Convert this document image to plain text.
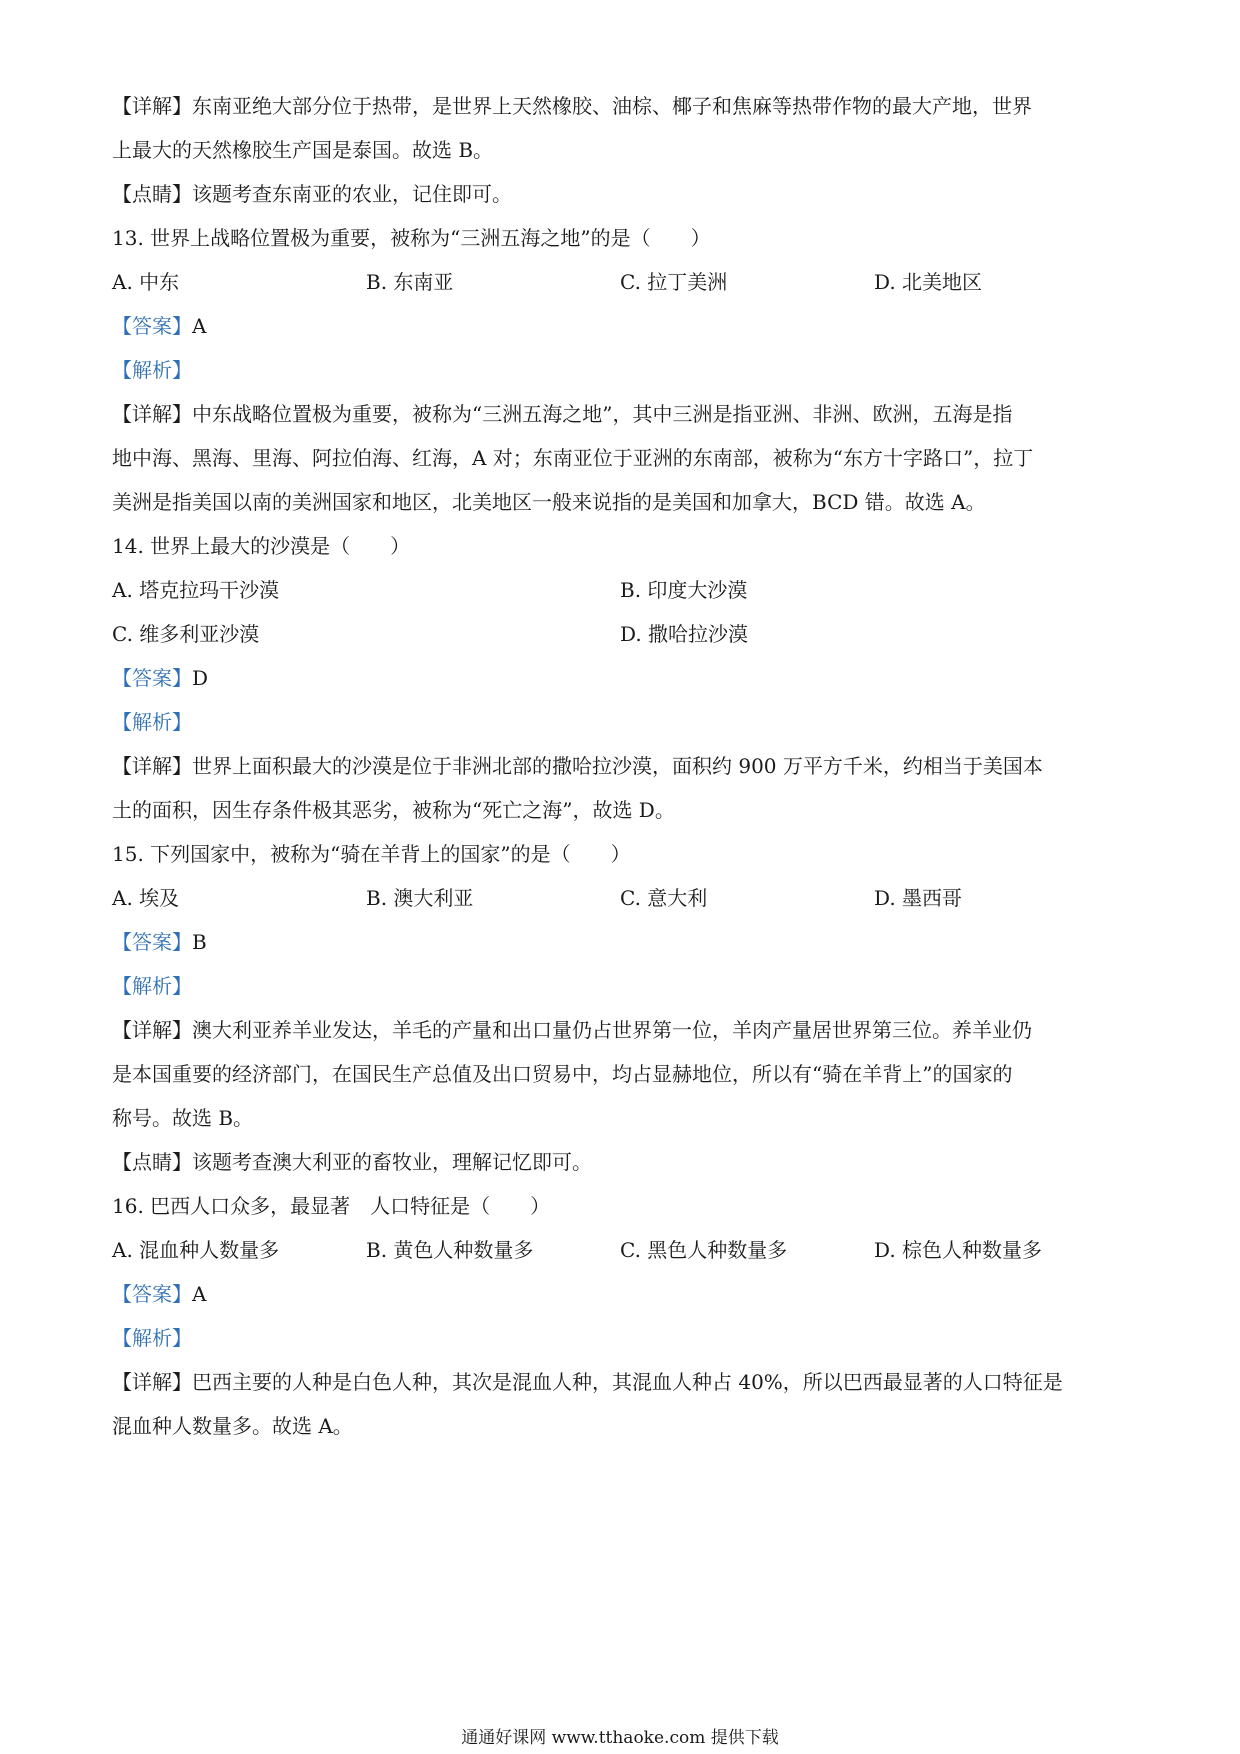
【详解】东南亚绝大部分位于热带，是世界上天然橡胶、油棕、椰子和焦麻等热带作物的最大产地，世界
上最大的天然橡胶生产国是泰国。故选 B。
【点睛】该题考查东南亚的农业，记住即可。
13. 世界上战略位置极为重要，被称为“三洲五海之地”的是（　　）
A. 中东	B. 东南亚	C. 拉丁美洲	D. 北美地区
【答案】A
【解析】
【详解】中东战略位置极为重要，被称为“三洲五海之地”，其中三洲是指亚洲、非洲、欧洲，五海是指
地中海、黑海、里海、阿拉伯海、红海，A 对；东南亚位于亚洲的东南部，被称为“东方十字路口”，拉丁
美洲是指美国以南的美洲国家和地区，北美地区一般来说指的是美国和加拿大，BCD 错。故选 A。
14. 世界上最大的沙漠是（　　）
A. 塔克拉玛干沙漠	B. 印度大沙漠
C. 维多利亚沙漠	D. 撒哈拉沙漠
【答案】D
【解析】
【详解】世界上面积最大的沙漠是位于非洲北部的撒哈拉沙漠，面积约 900 万平方千米，约相当于美国本
土的面积，因生存条件极其恶劣，被称为“死亡之海”，故选 D。
15. 下列国家中，被称为“骑在羊背上的国家”的是（　　）
A. 埃及	B. 澳大利亚	C. 意大利	D. 墨西哥
【答案】B
【解析】
【详解】澳大利亚养羊业发达，羊毛的产量和出口量仍占世界第一位，羊肉产量居世界第三位。养羊业仍
是本国重要的经济部门，在国民生产总值及出口贸易中，均占显赫地位，所以有“骑在羊背上”的国家的
称号。故选 B。
【点睛】该题考查澳大利亚的畜牧业，理解记忆即可。
16. 巴西人口众多，最显著　人口特征是（　　）
A. 混血种人数量多	B. 黄色人种数量多	C. 黑色人种数量多	D. 棕色人种数量多
【答案】A
【解析】
【详解】巴西主要的人种是白色人种，其次是混血人种，其混血人种占 40%，所以巴西最显著的人口特征是
混血种人数量多。故选 A。
通通好课网 www.tthaoke.com 提供下载
